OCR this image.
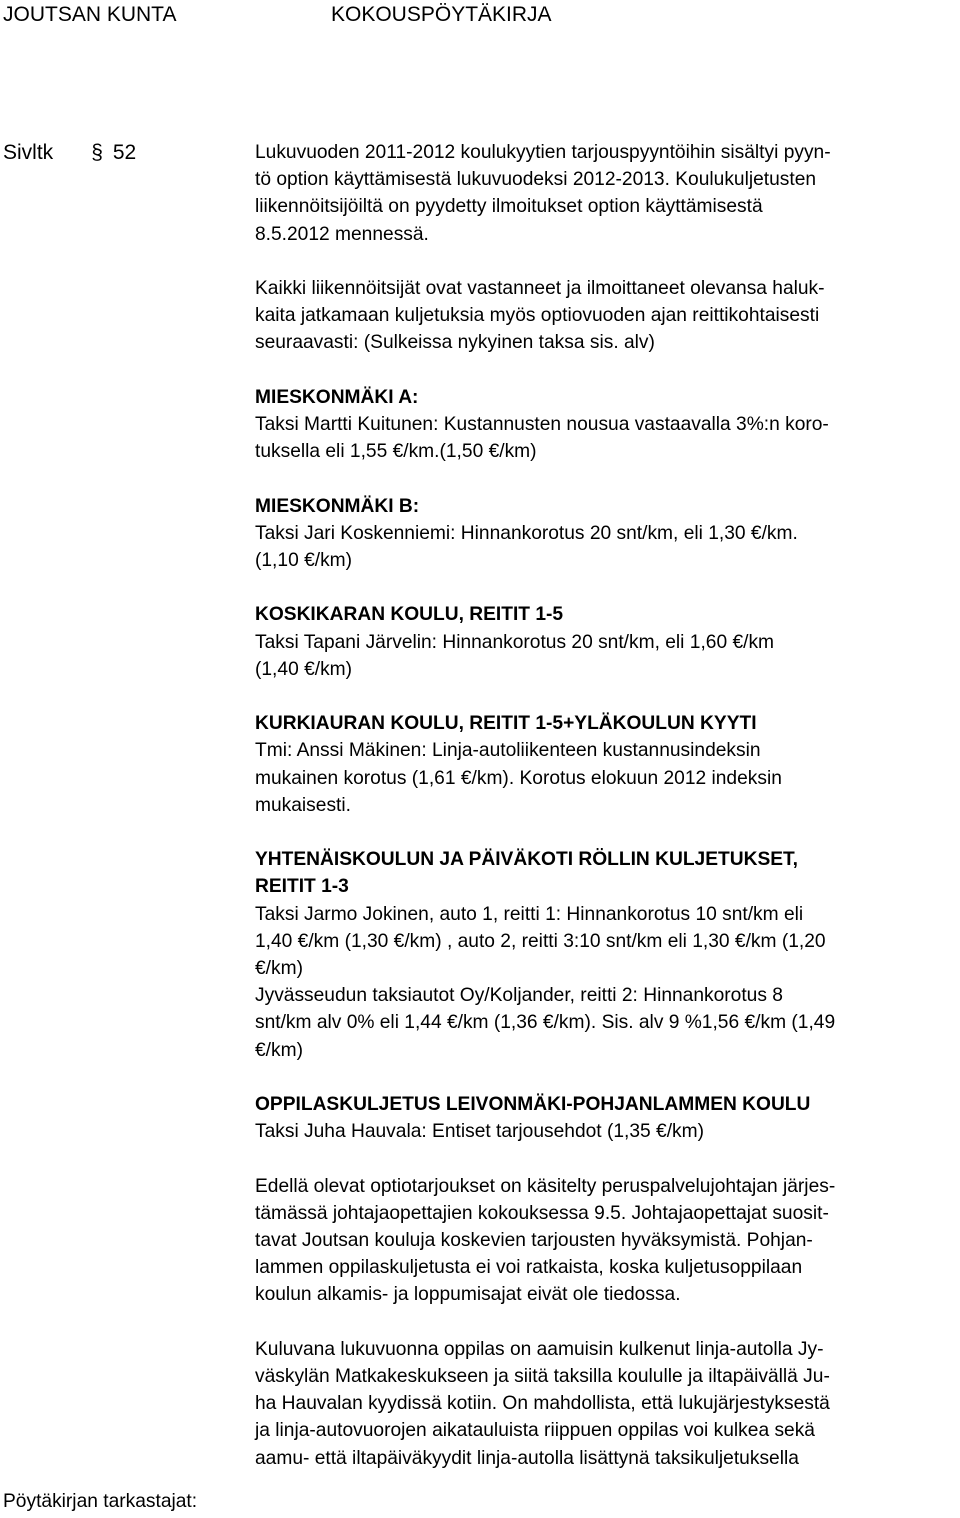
JOUTSAN KUNTA	KOKOUSPÖYTÄKIRJA
Sivltk § 52	Lukuvuoden 2011-2012 koulukyytien tarjouspyyntöihin sisältyi pyyn-
tö option käyttämisestä lukuvuodeksi 2012-2013. Koulukuljetusten
liikennöitsijöiltä on pyydetty ilmoitukset option käyttämisestä
8.5.2012 mennessä.

Kaikki liikennöitsijät ovat vastanneet ja ilmoittaneet olevansa haluk-
kaita jatkamaan kuljetuksia myös optiovuoden ajan reittikohtaisesti
seuraavasti: (Sulkeissa nykyinen taksa sis. alv)

MIESKONMÄKI A:

Taksi Martti Kuitunen: Kustannusten nousua vastaavalla 3%:n koro-
tuksella eli 1,55 €/km.(1,50 €/km)

MIESKONMÄKI B:

Taksi Jari Koskenniemi: Hinnankorotus 20 snt/km, eli 1,30 €/km.
(1,10 €/km)

KOSKIKARAN KOULU, REITIT 1-5

Taksi Tapani Järvelin: Hinnankorotus 20 snt/km, eli 1,60 €/km
(1,40 €/km)

KURKIAURAN KOULU, REITIT 1-5+YLÄKOULUN KYYTI

Tmi: Anssi Mäkinen: Linja-autoliikenteen kustannusindeksin
mukainen korotus (1,61 €/km). Korotus elokuun 2012 indeksin
mukaisesti.

YHTENÄISKOULUN JA PÄIVÄKOTI RÖLLIN KULJETUKSET,
REITIT 1-3

Taksi Jarmo Jokinen, auto 1, reitti 1: Hinnankorotus 10 snt/km eli
1,40 €/km (1,30 €/km) , auto 2, reitti 3:10 snt/km eli 1,30 €/km (1,20
€/km)
Jyvässeudun taksiautot Oy/Koljander, reitti 2: Hinnankorotus 8
snt/km alv 0% eli 1,44 €/km (1,36 €/km). Sis. alv 9 %1,56 €/km (1,49
€/km)

OPPILASKULJETUS LEIVONMÄKI-POHJANLAMMEN KOULU

Taksi Juha Hauvala: Entiset tarjousehdot (1,35 €/km)

Edellä olevat optiotarjoukset on käsitelty peruspalvelujohtajan järjes-
tämässä johtajaopettajien kokouksessa 9.5. Johtajaopettajat suosit-
tavat Joutsan kouluja koskevien tarjousten hyväksymistä. Pohjan-
lammen oppilaskuljetusta ei voi ratkaista, koska kuljetusoppilaan
koulun alkamis- ja loppumisajat eivät ole tiedossa.

Kuluvana lukuvuonna oppilas on aamuisin kulkenut linja-autolla Jy-
väskylän Matkakeskukseen ja siitä taksilla koululle ja iltapäivällä Ju-
ha Hauvalan kyydissä kotiin. On mahdollista, että lukujärjestyksestä
ja linja-autovuorojen aikatauluista riippuen oppilas voi kulkea sekä
aamu- että iltapäiväkyydit linja-autolla lisättynä taksikuljetuksella

Pöytäkirjan tarkastajat:
